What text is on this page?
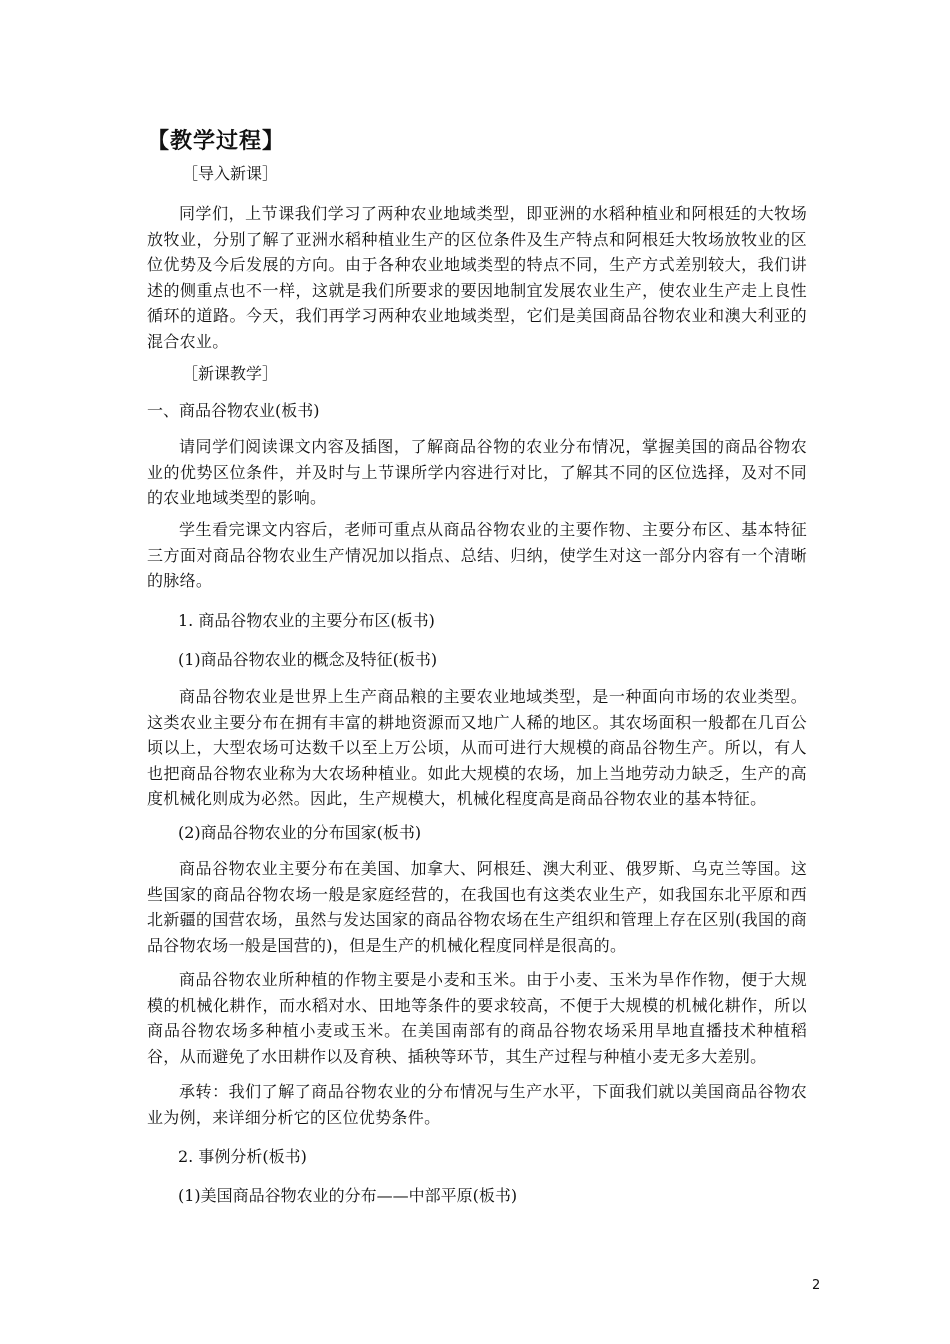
【教学过程】
［导入新课］
同学们，上节课我们学习了两种农业地域类型，即亚洲的水稻种植业和阿根廷的大牧场放牧业，分别了解了亚洲水稻种植业生产的区位条件及生产特点和阿根廷大牧场放牧业的区位优势及今后发展的方向。由于各种农业地域类型的特点不同，生产方式差别较大，我们讲述的侧重点也不一样，这就是我们所要求的要因地制宜发展农业生产，使农业生产走上良性循环的道路。今天，我们再学习两种农业地域类型，它们是美国商品谷物农业和澳大利亚的混合农业。
［新课教学］
一、商品谷物农业(板书)
请同学们阅读课文内容及插图，了解商品谷物的农业分布情况，掌握美国的商品谷物农业的优势区位条件，并及时与上节课所学内容进行对比，了解其不同的区位选择，及对不同的农业地域类型的影响。
学生看完课文内容后，老师可重点从商品谷物农业的主要作物、主要分布区、基本特征三方面对商品谷物农业生产情况加以指点、总结、归纳，使学生对这一部分内容有一个清晰的脉络。
1. 商品谷物农业的主要分布区(板书)
(1)商品谷物农业的概念及特征(板书)
商品谷物农业是世界上生产商品粮的主要农业地域类型，是一种面向市场的农业类型。这类农业主要分布在拥有丰富的耕地资源而又地广人稀的地区。其农场面积一般都在几百公顷以上，大型农场可达数千以至上万公顷，从而可进行大规模的商品谷物生产。所以，有人也把商品谷物农业称为大农场种植业。如此大规模的农场，加上当地劳动力缺乏，生产的高度机械化则成为必然。因此，生产规模大，机械化程度高是商品谷物农业的基本特征。
(2)商品谷物农业的分布国家(板书)
商品谷物农业主要分布在美国、加拿大、阿根廷、澳大利亚、俄罗斯、乌克兰等国。这些国家的商品谷物农场一般是家庭经营的，在我国也有这类农业生产，如我国东北平原和西北新疆的国营农场，虽然与发达国家的商品谷物农场在生产组织和管理上存在区别(我国的商品谷物农场一般是国营的)，但是生产的机械化程度同样是很高的。
商品谷物农业所种植的作物主要是小麦和玉米。由于小麦、玉米为旱作作物，便于大规模的机械化耕作，而水稻对水、田地等条件的要求较高，不便于大规模的机械化耕作，所以商品谷物农场多种植小麦或玉米。在美国南部有的商品谷物农场采用旱地直播技术种植稻谷，从而避免了水田耕作以及育秧、插秧等环节，其生产过程与种植小麦无多大差别。
承转：我们了解了商品谷物农业的分布情况与生产水平，下面我们就以美国商品谷物农业为例，来详细分析它的区位优势条件。
2. 事例分析(板书)
(1)美国商品谷物农业的分布——中部平原(板书)
2
